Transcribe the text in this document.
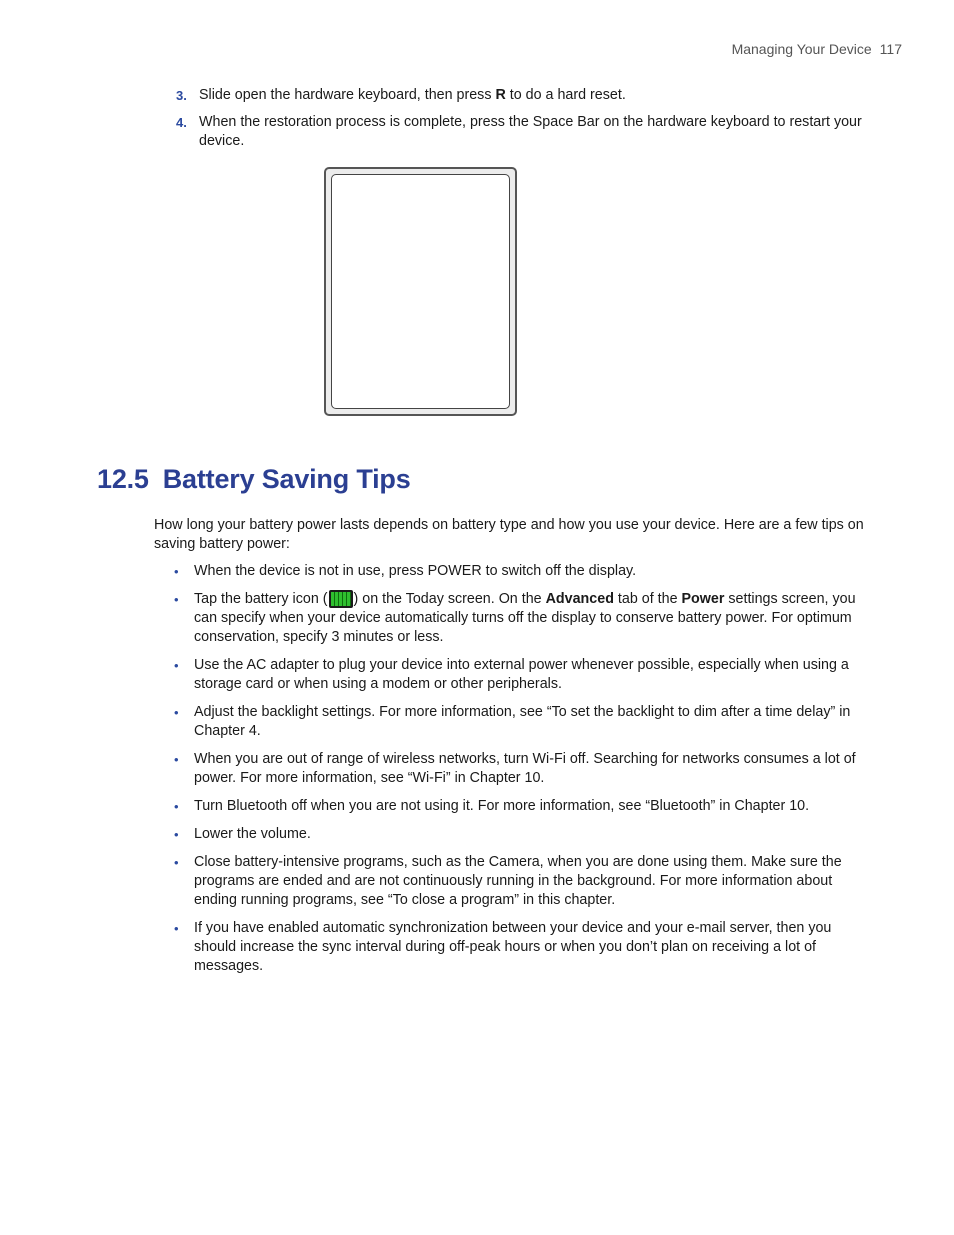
Managing Your Device 117
3. Slide open the hardware keyboard, then press R to do a hard reset.
4. When the restoration process is complete, press the Space Bar on the hardware keyboard to restart your device.
12.5 Battery Saving Tips

How long your battery power lasts depends on battery type and how you use your device. Here are a few tips on saving battery power:

• When the device is not in use, press POWER to switch off the display.
• Tap the battery icon ( ) on the Today screen. On the Advanced tab of the Power settings screen, you can specify when your device automatically turns off the display to conserve battery power. For optimum conservation, specify 3 minutes or less.
• Use the AC adapter to plug your device into external power whenever possible, especially when using a storage card or when using a modem or other peripherals.
• Adjust the backlight settings. For more information, see “To set the backlight to dim after a time delay” in Chapter 4.
• When you are out of range of wireless networks, turn Wi-Fi off. Searching for networks consumes a lot of power. For more information, see “Wi-Fi” in Chapter 10.
• Turn Bluetooth off when you are not using it. For more information, see “Bluetooth” in Chapter 10.
• Lower the volume.
• Close battery-intensive programs, such as the Camera, when you are done using them. Make sure the programs are ended and are not continuously running in the background. For more information about ending running programs, see “To close a program” in this chapter.
• If you have enabled automatic synchronization between your device and your e-mail server, then you should increase the sync interval during off-peak hours or when you don’t plan on receiving a lot of messages.
